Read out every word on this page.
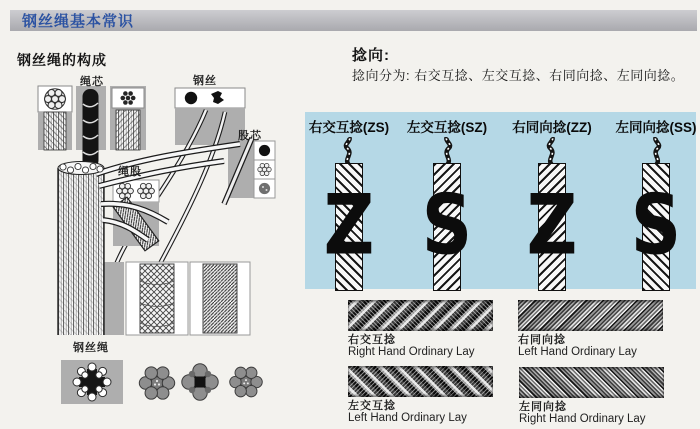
钢丝绳基本常识
钢丝绳的构成
绳芯	钢丝
股芯
绳股
钢丝绳
捻向:
捻向分为: 右交互捻、左交互捻、右同向捻、左同向捻。
右交互捻(ZS)
Z
左交互捻(SZ)
S
右同向捻(ZZ)
Z
左同向捻(SS)
S
右交互捻
Right Hand Ordinary Lay
右同向捻
Left Hand Ordinary Lay
左交互捻
Left Hand Ordinary Lay
左同向捻
Right Hand Ordinary Lay
